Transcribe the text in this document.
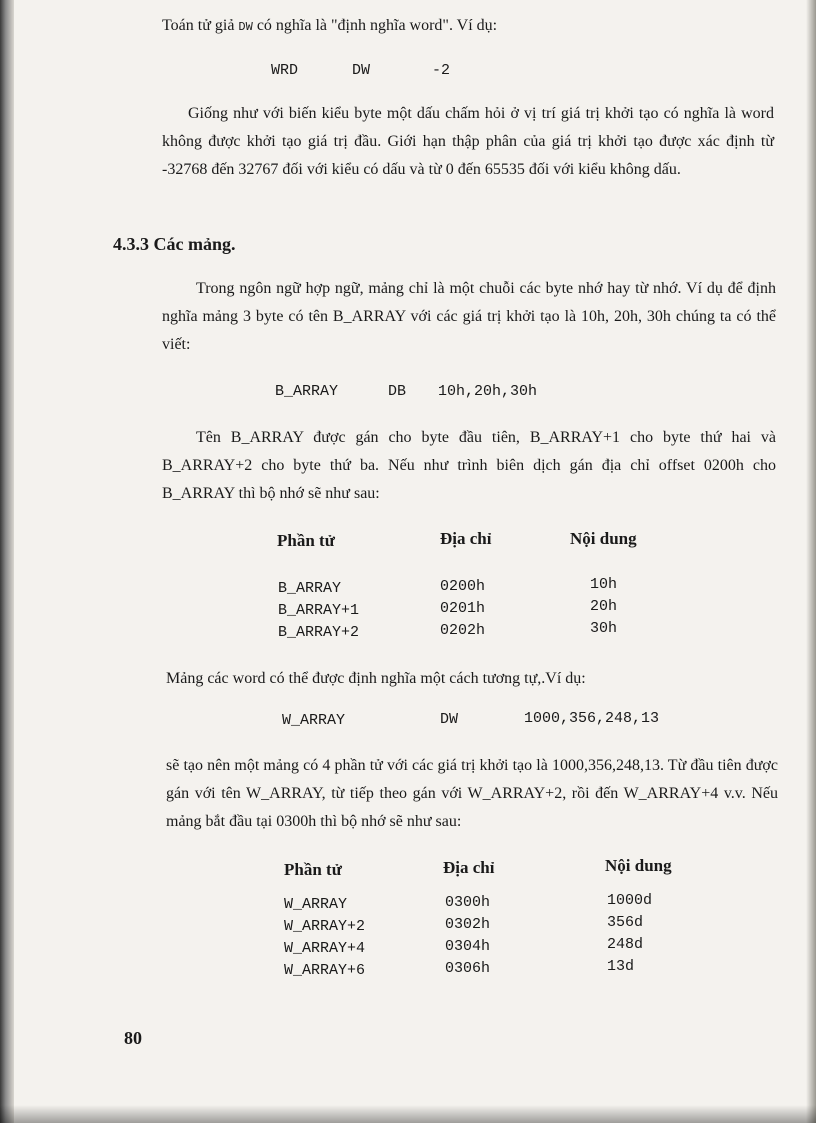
Toán tử giả DW có nghĩa là "định nghĩa word". Ví dụ:
WRD	DW	-2
Giống như với biến kiểu byte một dấu chấm hỏi ở vị trí giá trị khởi tạo có nghĩa là word không được khởi tạo giá trị đầu. Giới hạn thập phân của giá trị khởi tạo được xác định từ -32768 đến 32767 đối với kiểu có dấu và từ 0 đến 65535 đối với kiểu không dấu.
4.3.3 Các mảng.
Trong ngôn ngữ hợp ngữ, mảng chỉ là một chuỗi các byte nhớ hay từ nhớ. Ví dụ để định nghĩa mảng 3 byte có tên B_ARRAY với các giá trị khởi tạo là 10h, 20h, 30h chúng ta có thể viết:
B_ARRAY	DB 10h,20h,30h
Tên B_ARRAY được gán cho byte đầu tiên, B_ARRAY+1 cho byte thứ hai và B_ARRAY+2 cho byte thứ ba. Nếu như trình biên dịch gán địa chỉ offset 0200h cho B_ARRAY thì bộ nhớ sẽ như sau:
Phần tử	Địa chỉ	Nội dung
B_ARRAY	0200h	10h
B_ARRAY+1	0201h	20h
B_ARRAY+2	0202h	30h
Mảng các word có thể được định nghĩa một cách tương tự,.Ví dụ:
W_ARRAY	DW	1000,356,248,13
sẽ tạo nên một mảng có 4 phần tử với các giá trị khởi tạo là 1000,356,248,13. Từ đầu tiên được gán với tên W_ARRAY, từ tiếp theo gán với W_ARRAY+2, rồi đến W_ARRAY+4 v.v. Nếu mảng bắt đầu tại 0300h thì bộ nhớ sẽ như sau:
Phần tử	Địa chỉ	Nội dung
W_ARRAY	0300h	1000d
W_ARRAY+2	0302h	356d
W_ARRAY+4	0304h	248d
W_ARRAY+6	0306h	13d
80
